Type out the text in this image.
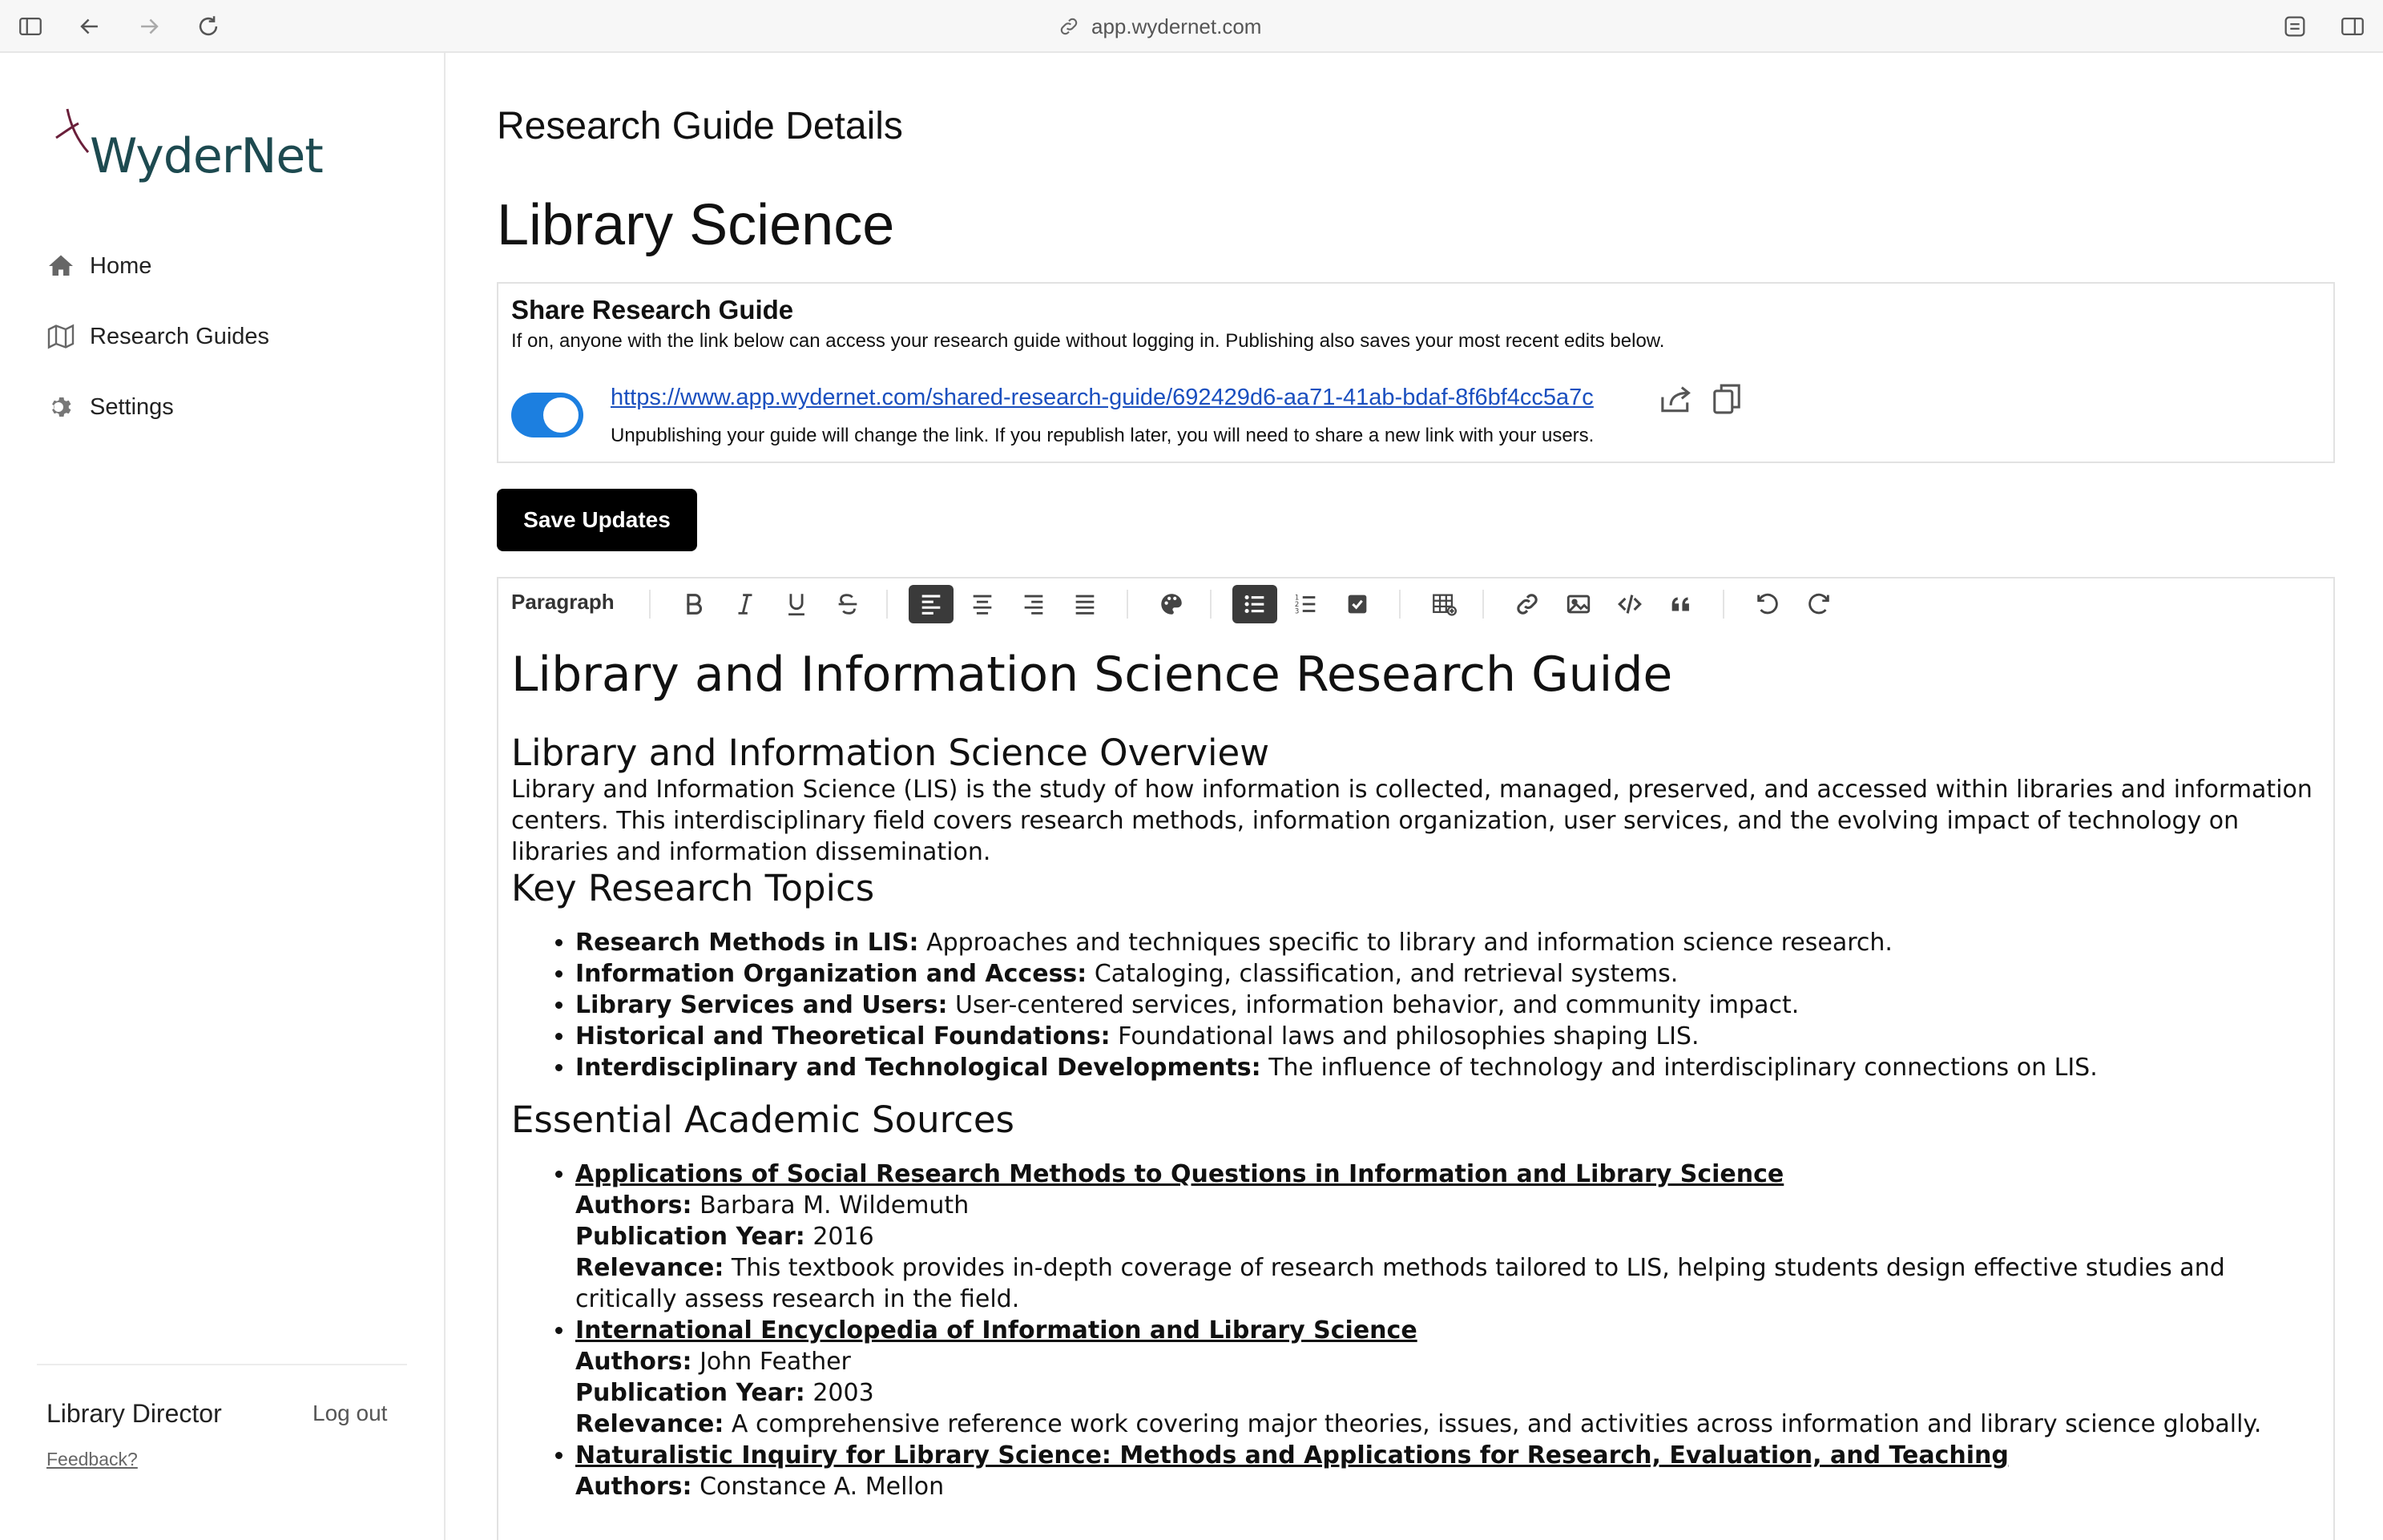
app.wydernet.com
WyderNet
Home
Research Guides
Settings
Library Director	Log out
Feedback?
Research Guide Details
Library Science
Share Research Guide
If on, anyone with the link below can access your research guide without logging in. Publishing also saves your most recent edits below.
https://www.app.wydernet.com/shared-research-guide/692429d6-aa71-41ab-bdaf-8f6bf4cc5a7c
Unpublishing your guide will change the link. If you republish later, you will need to share a new link with your users.
Save Updates
Paragraph	1
2
3
Library and Information Science Research Guide
Library and Information Science Overview

Library and Information Science (LIS) is the study of how information is collected, managed, preserved, and accessed within libraries and information centers. This interdisciplinary field covers research methods, information organization, user services, and the evolving impact of technology on libraries and information dissemination.

Key Research Topics
• Research Methods in LIS: Approaches and techniques specific to library and information science research.
• Information Organization and Access: Cataloging, classification, and retrieval systems.
• Library Services and Users: User-centered services, information behavior, and community impact.
• Historical and Theoretical Foundations: Foundational laws and philosophies shaping LIS.
• Interdisciplinary and Technological Developments: The influence of technology and interdisciplinary connections on LIS.
Essential Academic Sources
• Applications of Social Research Methods to Questions in Information and Library Science
Authors: Barbara M. Wildemuth
Publication Year: 2016
Relevance: This textbook provides in-depth coverage of research methods tailored to LIS, helping students design effective studies and critically assess research in the field.
• International Encyclopedia of Information and Library Science
Authors: John Feather
Publication Year: 2003
Relevance: A comprehensive reference work covering major theories, issues, and activities across information and library science globally.
• Naturalistic Inquiry for Library Science: Methods and Applications for Research, Evaluation, and Teaching
Authors: Constance A. Mellon
